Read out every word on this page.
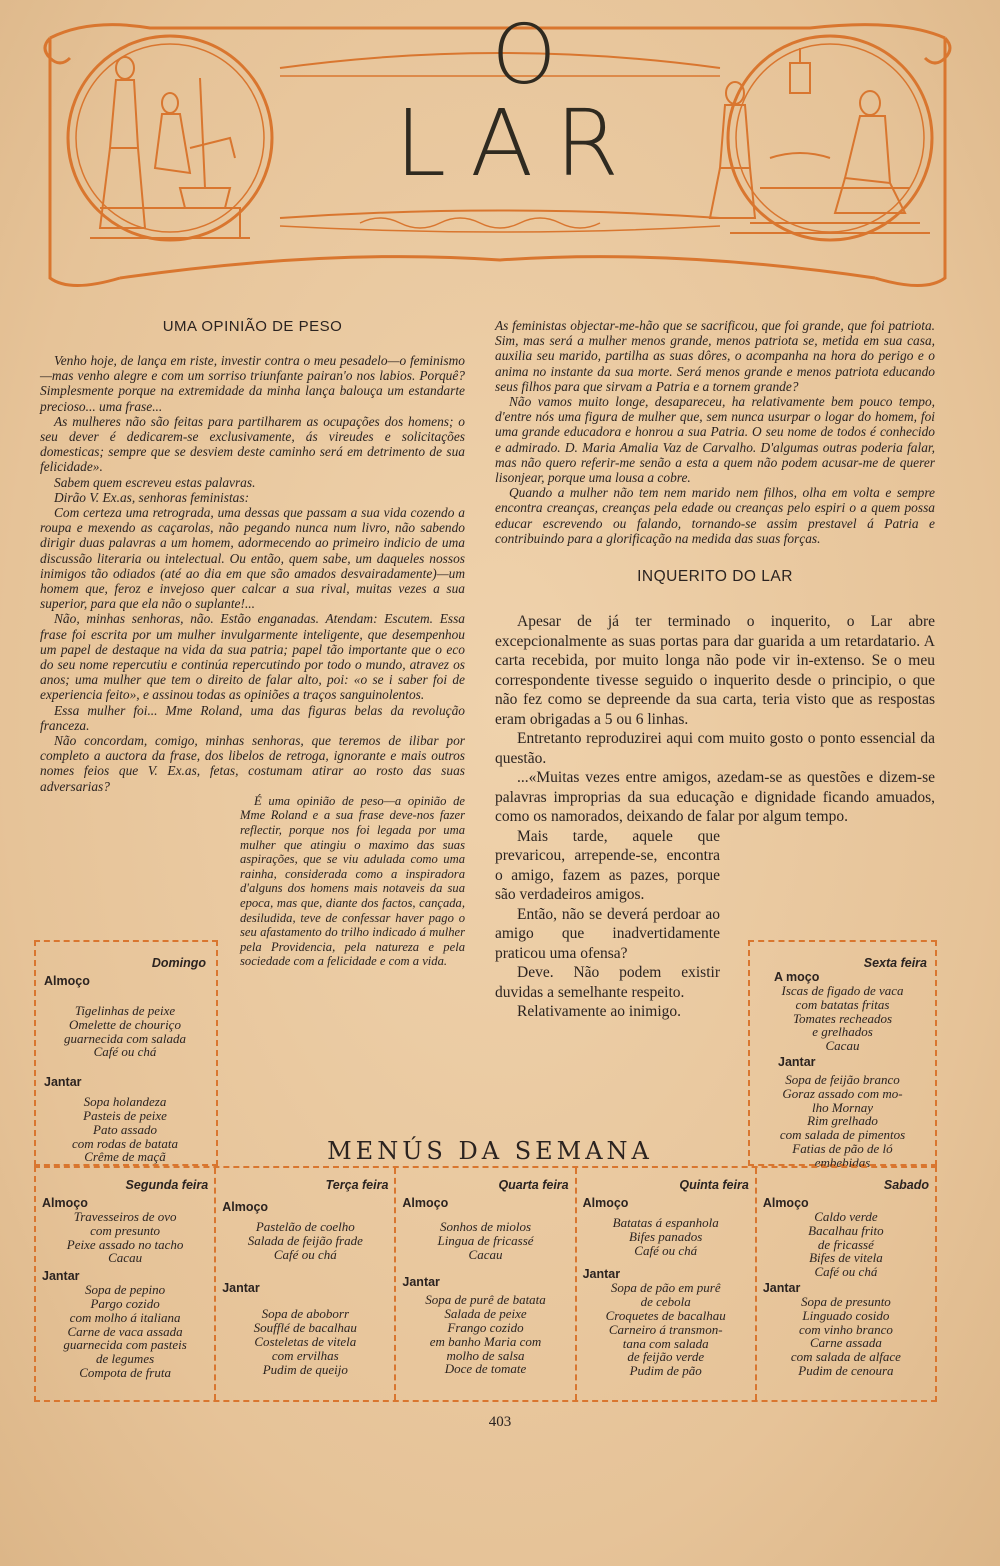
O
LAR
UMA OPINIÃO DE PESO

Venho hoje, de lança em riste, investir contra o meu pesadelo—o feminismo—mas venho alegre e com um sorriso triunfante pairan'o nos labios. Porquê? Simplesmente porque na extremidade da minha lança balouça um estandarte precioso... uma frase...

As mulheres não são feitas para partilharem as ocupações dos homens; o seu dever é dedicarem-se exclusivamente, ás vireudes e solicitações domesticas; sempre que se desviem deste caminho será em detrimento de sua felicidade».

Sabem quem escreveu estas palavras.

Dirão V. Ex.as, senhoras feministas:

Com certeza uma retrograda, uma dessas que passam a sua vida cozendo a roupa e mexendo as caçarolas, não pegando nunca num livro, não sabendo dirigir duas palavras a um homem, adormecendo ao primeiro indicio de uma discussão literaria ou intelectual. Ou então, quem sabe, um daqueles nossos inimigos tão odiados (até ao dia em que são amados desvairadamente)—um homem que, feroz e invejoso quer calcar a sua rival, muitas vezes a sua superior, para que ela não o suplante!...

Não, minhas senhoras, não. Estão enganadas. Atendam: Escutem. Essa frase foi escrita por um mulher invulgarmente inteligente, que desempenhou um papel de destaque na vida da sua patria; papel tão importante que o eco do seu nome repercutiu e continúa repercutindo por todo o mundo, atravez os anos; uma mulher que tem o direito de falar alto, poi: «o se i saber foi de experiencia feito», e assinou todas as opiniões a traços sanguinolentos.

Essa mulher foi... Mme Roland, uma das figuras belas da revolução franceza.

Não concordam, comigo, minhas senhoras, que teremos de ilibar por completo a auctora da frase, dos libelos de retroga, ignorante e mais outros nomes feios que V. Ex.as, fetas, costumam atirar ao rosto das suas adversarias?

É uma opinião de peso—a opinião de Mme Roland e a sua frase deve-nos fazer reflectir, porque nos foi legada por uma mulher que atingiu o maximo das suas aspirações, que se viu adulada como uma rainha, considerada como a inspiradora d'alguns dos homens mais notaveis da sua epoca, mas que, diante dos factos, cançada, desiludida, teve de confessar haver pago o seu afastamento do trilho indicado á mulher pela Providencia, pela natureza e pela sociedade com a felicidade e com a vida.

As feministas objectar-me-hão que se sacrificou, que foi grande, que foi patriota. Sim, mas será a mulher menos grande, menos patriota se, metida em sua casa, auxilia seu marido, partilha as suas dôres, o acompanha na hora do perigo e o anima no instante da sua morte. Será menos grande e menos patriota educando seus filhos para que sirvam a Patria e a tornem grande?

Não vamos muito longe, desapareceu, ha relativamente bem pouco tempo, d'entre nós uma figura de mulher que, sem nunca usurpar o logar do homem, foi uma grande educadora e honrou a sua Patria. O seu nome de todos é conhecido e admirado. D. Maria Amalia Vaz de Carvalho. D'algumas outras poderia falar, mas não quero referir-me senão a esta a quem não podem acusar-me de querer lisonjear, porque uma lousa a cobre.

Quando a mulher não tem nem marido nem filhos, olha em volta e sempre encontra creanças, creanças pela edade ou creanças pelo espiri o a quem possa educar escrevendo ou falando, tornando-se assim prestavel á Patria e contribuindo para a glorificação na medida das suas forças.

INQUERITO DO LAR

Apesar de já ter terminado o inquerito, o Lar abre excepcionalmente as suas portas para dar guarida a um retardatario. A carta recebida, por muito longa não pode vir in-extenso. Se o meu correspondente tivesse seguido o inquerito desde o principio, o que não fez como se depreende da sua carta, teria visto que as respostas eram obrigadas a 5 ou 6 linhas.

Entretanto reproduzirei aqui com muito gosto o ponto essencial da questão.

...«Muitas vezes entre amigos, azedam-se as questões e dizem-se palavras improprias da sua educação e dignidade ficando amuados, como os namorados, deixando de falar por algum tempo.

Mais tarde, aquele que prevaricou, arrepende-se, encontra o amigo, fazem as pazes, porque são verdadeiros amigos.

Então, não se deverá perdoar ao amigo que inadvertidamente praticou uma ofensa?

Deve. Não podem existir duvidas a semelhante respeito.

Relativamente ao inimigo.

Domingo
Almoço
Tigelinhas de peixe
Omelette de chouriço
guarnecida com salada
Café ou chá
Jantar
Sopa holandeza
Pasteis de peixe
Pato assado
com rodas de batata
Crême de maçã
Sexta feira
A moço
Iscas de figado de vaca
com batatas fritas
Tomates recheados
e grelhados
Cacau
Jantar
Sopa de feijão branco
Goraz assado com mo-
lho Mornay
Rim grelhado
com salada de pimentos
Fatias de pão de ló
embebidas
MENÚS DA SEMANA
Segunda feira
Almoço
Travesseiros de ovo
com presunto
Peixe assado no tacho
Cacau
Jantar
Sopa de pepino
Pargo cozido
com molho á italiana
Carne de vaca assada
guarnecida com pasteis
de legumes
Compota de fruta
Terça feira
Almoço
Pastelão de coelho
Salada de feijão frade
Café ou chá
Jantar
Sopa de aboborr
Soufflé de bacalhau
Costeletas de vitela
com ervilhas
Pudim de queijo
Quarta feira
Almoço
Sonhos de miolos
Lingua de fricassé
Cacau
Jantar
Sopa de purê de batata
Salada de peixe
Frango cozido
em banho Maria com
molho de salsa
Doce de tomate
Quinta feira
Almoço
Batatas á espanhola
Bifes panados
Café ou chá
Jantar
Sopa de pão em purê
de cebola
Croquetes de bacalhau
Carneiro á transmon-
tana com salada
de feijão verde
Pudim de pão
Sabado
Almoço
Caldo verde
Bacalhau frito
de fricassé
Bifes de vitela
Café ou chá
Jantar
Sopa de presunto
Linguado cosido
com vinho branco
Carne assada
com salada de alface
Pudim de cenoura
403
